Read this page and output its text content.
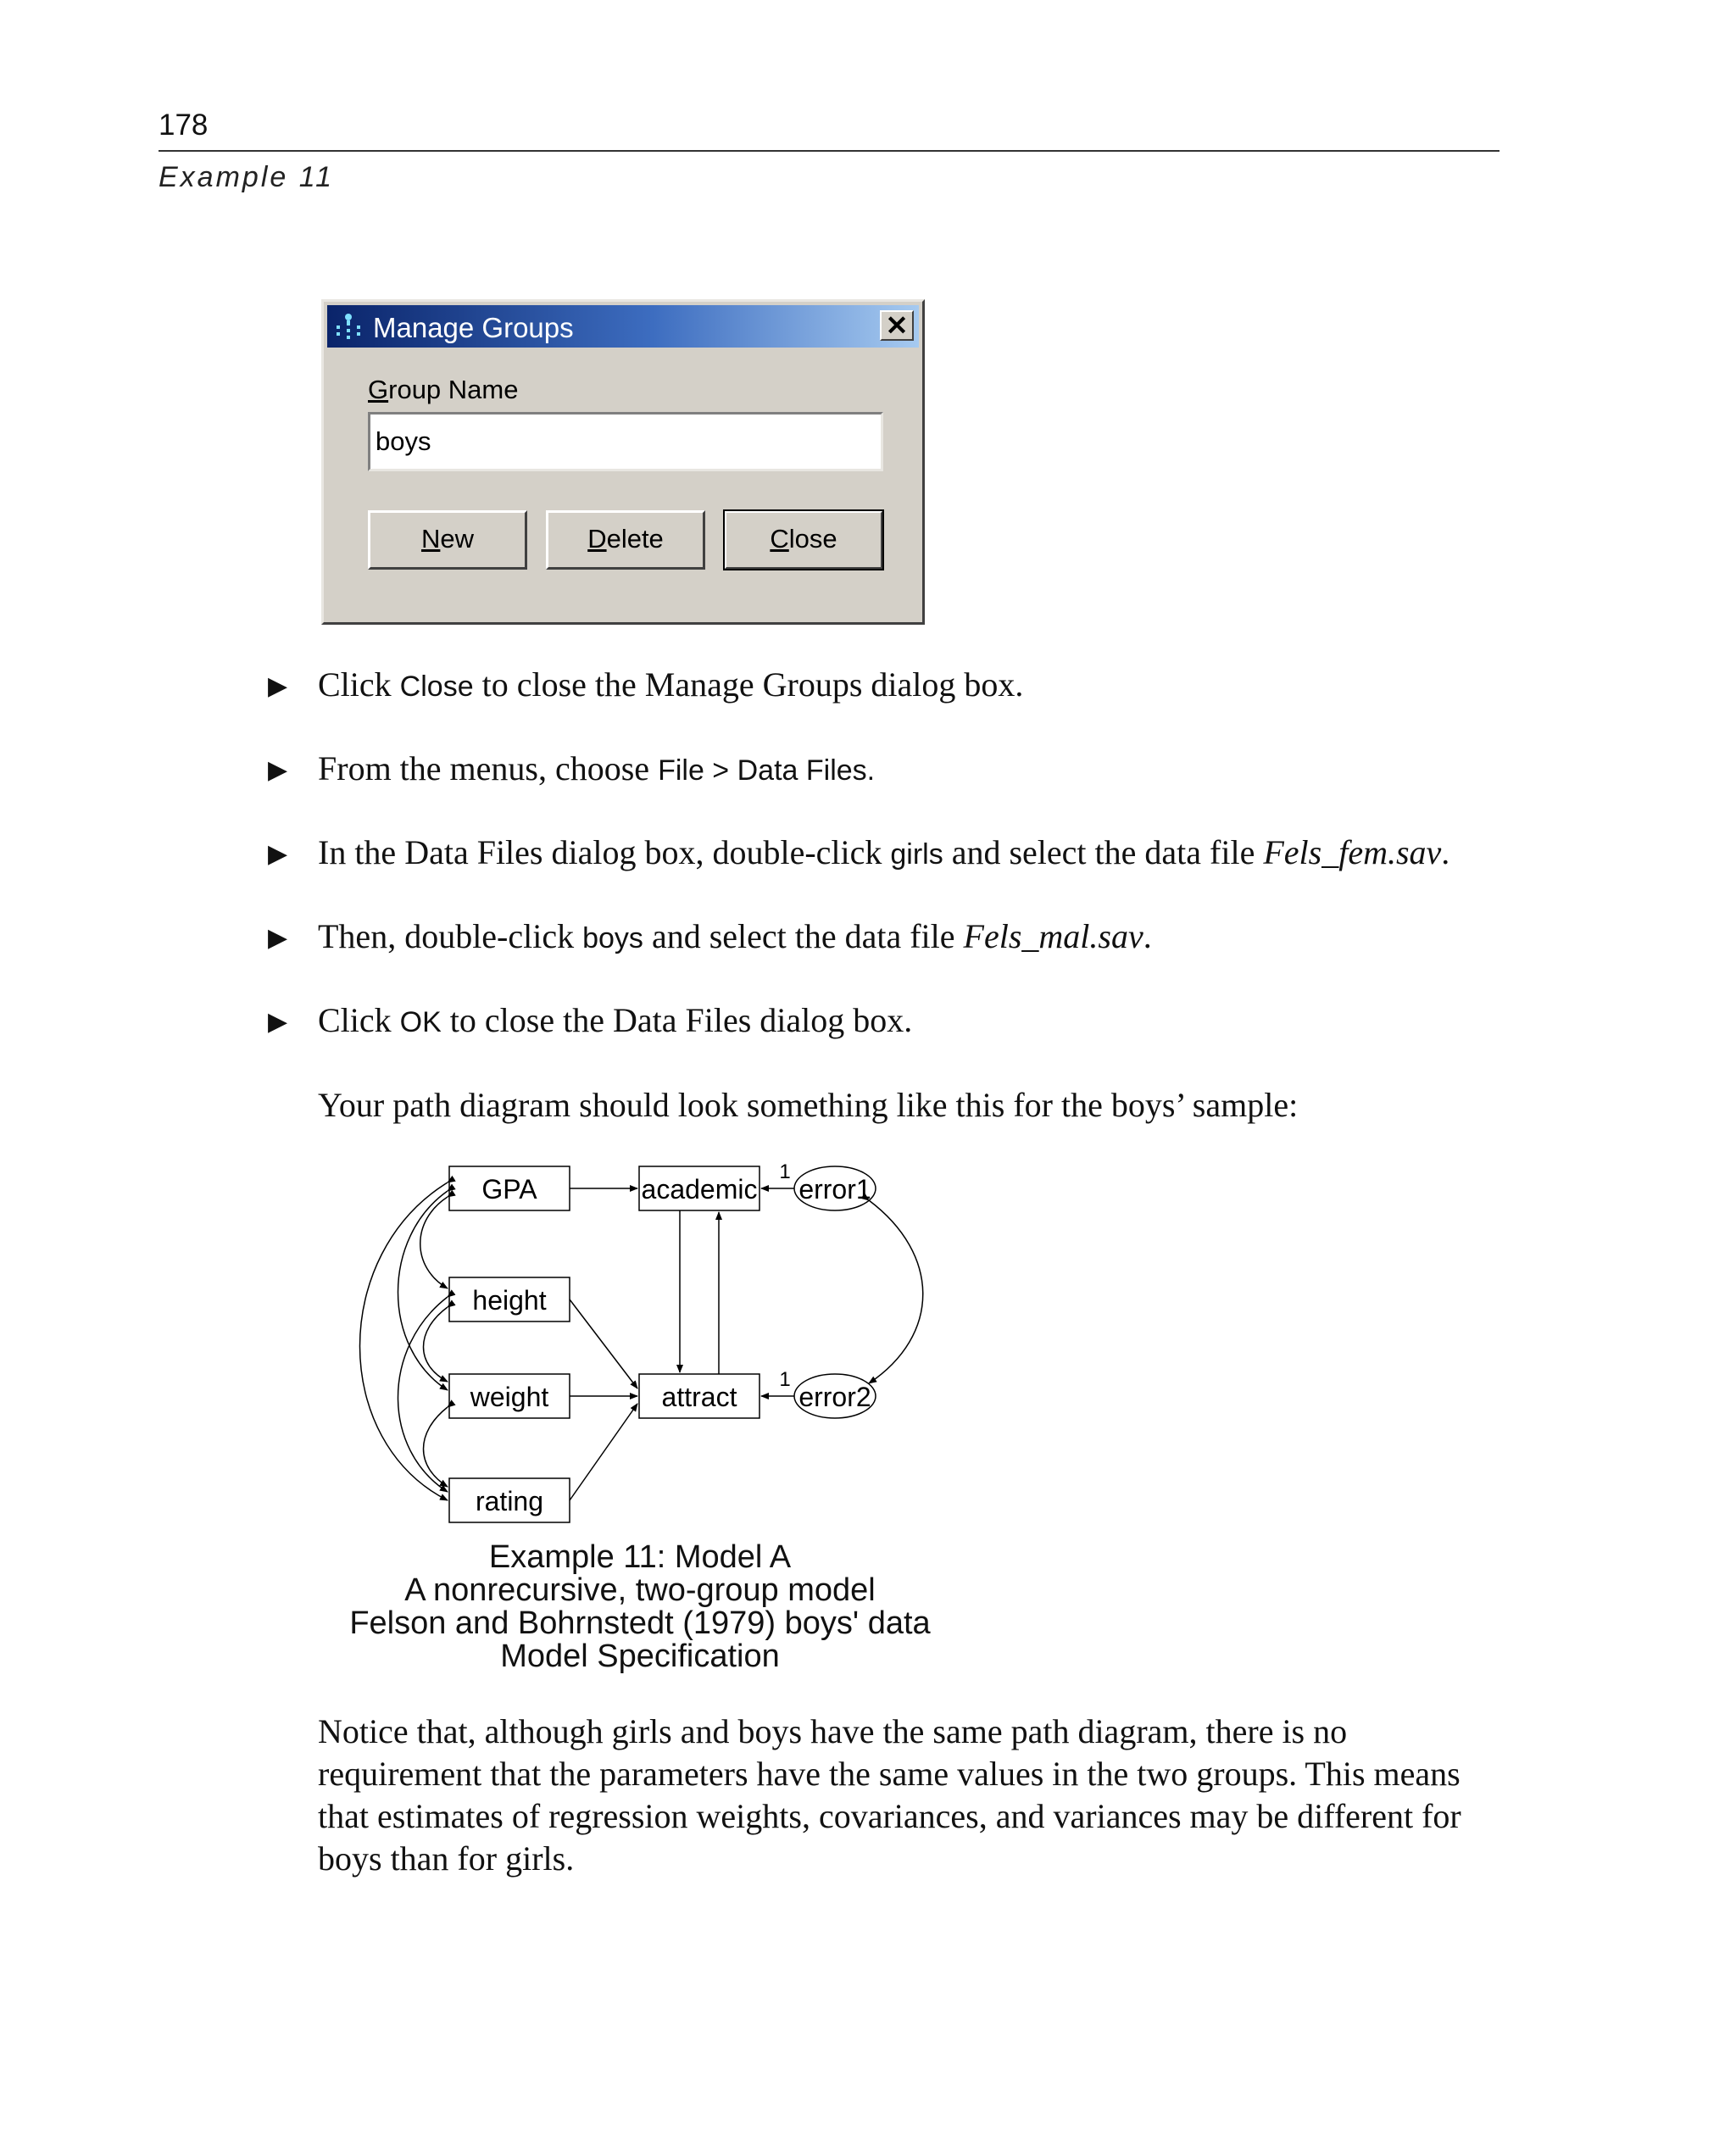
178
Example 11
Manage Groups	✕
Group Name
boys
New	Delete	Close
▶ Click Close to close the Manage Groups dialog box.
▶ From the menus, choose File > Data Files.
▶ In the Data Files dialog box, double-click girls and select the data file Fels_fem.sav.
▶ Then, double-click boys and select the data file Fels_mal.sav.
▶ Click OK to close the Data Files dialog box.
Your path diagram should look something like this for the boys’ sample:
GPA
height
weight
rating
academic
attract
error1
error2
1
1
Example 11: Model A
A nonrecursive, two-group model
Felson and Bohrnstedt (1979) boys' data
Model Specification
Notice that, although girls and boys have the same path diagram, there is no requirement that the parameters have the same values in the two groups. This means that estimates of regression weights, covariances, and variances may be different for boys than for girls.
